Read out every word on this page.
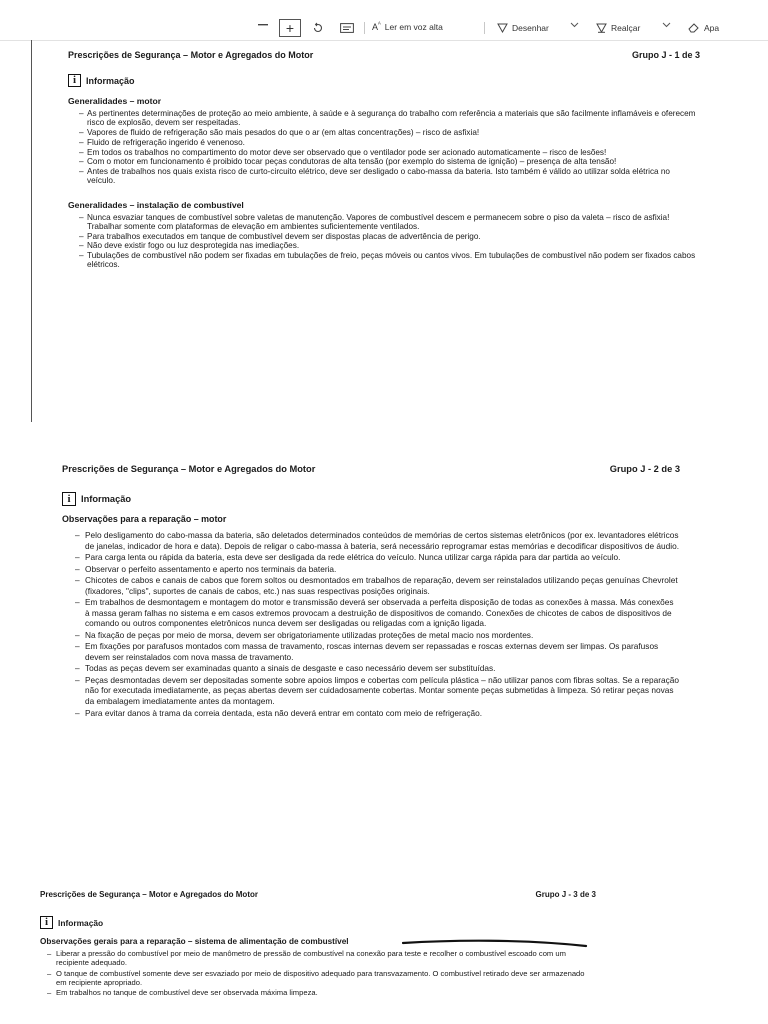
+	$A^ᴬ$ Ler em voz alta	Desenhar	Realçar	Apa
Prescrições de Segurança – Motor e Agregados do Motor	Grupo J - 1 de 3
i	Informação
Generalidades – motor
– As pertinentes determinações de proteção ao meio ambiente, à saúde e à segurança do trabalho com referência a materiais que são facilmente inflamáveis e oferecem risco de explosão, devem ser respeitadas.
– Vapores de fluido de refrigeração são mais pesados do que o ar (em altas concentrações) – risco de asfixia!
– Fluido de refrigeração ingerido é venenoso.
– Em todos os trabalhos no compartimento do motor deve ser observado que o ventilador pode ser acionado automaticamente – risco de lesões!
– Com o motor em funcionamento é proibido tocar peças condutoras de alta tensão (por exemplo do sistema de ignição) – presença de alta tensão!
– Antes de trabalhos nos quais exista risco de curto-circuito elétrico, deve ser desligado o cabo-massa da bateria. Isto também é válido ao utilizar solda elétrica no veículo.
Generalidades – instalação de combustível
– Nunca esvaziar tanques de combustível sobre valetas de manutenção. Vapores de combustível descem e permanecem sobre o piso da valeta – risco de asfixia! Trabalhar somente com plataformas de elevação em ambientes suficientemente ventilados.
– Para trabalhos executados em tanque de combustível devem ser dispostas placas de advertência de perigo.
– Não deve existir fogo ou luz desprotegida nas imediações.
– Tubulações de combustível não podem ser fixadas em tubulações de freio, peças móveis ou cantos vivos. Em tubulações de combustível não podem ser fixados cabos elétricos.
Prescrições de Segurança – Motor e Agregados do Motor	Grupo J - 2 de 3
i	Informação
Observações para a reparação – motor
– Pelo desligamento do cabo-massa da bateria, são deletados determinados conteúdos de memórias de certos sistemas eletrônicos (por ex. levantadores elétricos de janelas, indicador de hora e data). Depois de religar o cabo-massa à bateria, será necessário reprogramar estas memórias e decodificar dispositivos de áudio.
– Para carga lenta ou rápida da bateria, esta deve ser desligada da rede elétrica do veículo. Nunca utilizar carga rápida para dar partida ao veículo.
– Observar o perfeito assentamento e aperto nos terminais da bateria.
– Chicotes de cabos e canais de cabos que forem soltos ou desmontados em trabalhos de reparação, devem ser reinstalados utilizando peças genuínas Chevrolet (fixadores, "clips", suportes de canais de cabos, etc.) nas suas respectivas posições originais.
– Em trabalhos de desmontagem e montagem do motor e transmissão deverá ser observada a perfeita disposição de todas as conexões à massa. Más conexões à massa geram falhas no sistema e em casos extremos provocam a destruição de dispositivos de comando. Conexões de chicotes de cabos de dispositivos de comando ou outros componentes eletrônicos nunca devem ser desligadas ou religadas com a ignição ligada.
– Na fixação de peças por meio de morsa, devem ser obrigatoriamente utilizadas proteções de metal macio nos mordentes.
– Em fixações por parafusos montados com massa de travamento, roscas internas devem ser repassadas e roscas externas devem ser limpas. Os parafusos devem ser reinstalados com nova massa de travamento.
– Todas as peças devem ser examinadas quanto a sinais de desgaste e caso necessário devem ser substituídas.
– Peças desmontadas devem ser depositadas somente sobre apoios limpos e cobertas com película plástica – não utilizar panos com fibras soltas. Se a reparação não for executada imediatamente, as peças abertas devem ser cuidadosamente cobertas. Montar somente peças submetidas à limpeza. Só retirar peças novas da embalagem imediatamente antes da montagem.
– Para evitar danos à trama da correia dentada, esta não deverá entrar em contato com meio de refrigeração.
Prescrições de Segurança – Motor e Agregados do Motor	Grupo J - 3 de 3
i	Informação
Observações gerais para a reparação – sistema de alimentação de combustível
– Liberar a pressão do combustível por meio de manômetro de pressão de combustível na conexão para teste e recolher o combustível escoado com um recipiente adequado.
– O tanque de combustível somente deve ser esvaziado por meio de dispositivo adequado para transvazamento. O combustível retirado deve ser armazenado em recipiente apropriado.
– Em trabalhos no tanque de combustível deve ser observada máxima limpeza.
